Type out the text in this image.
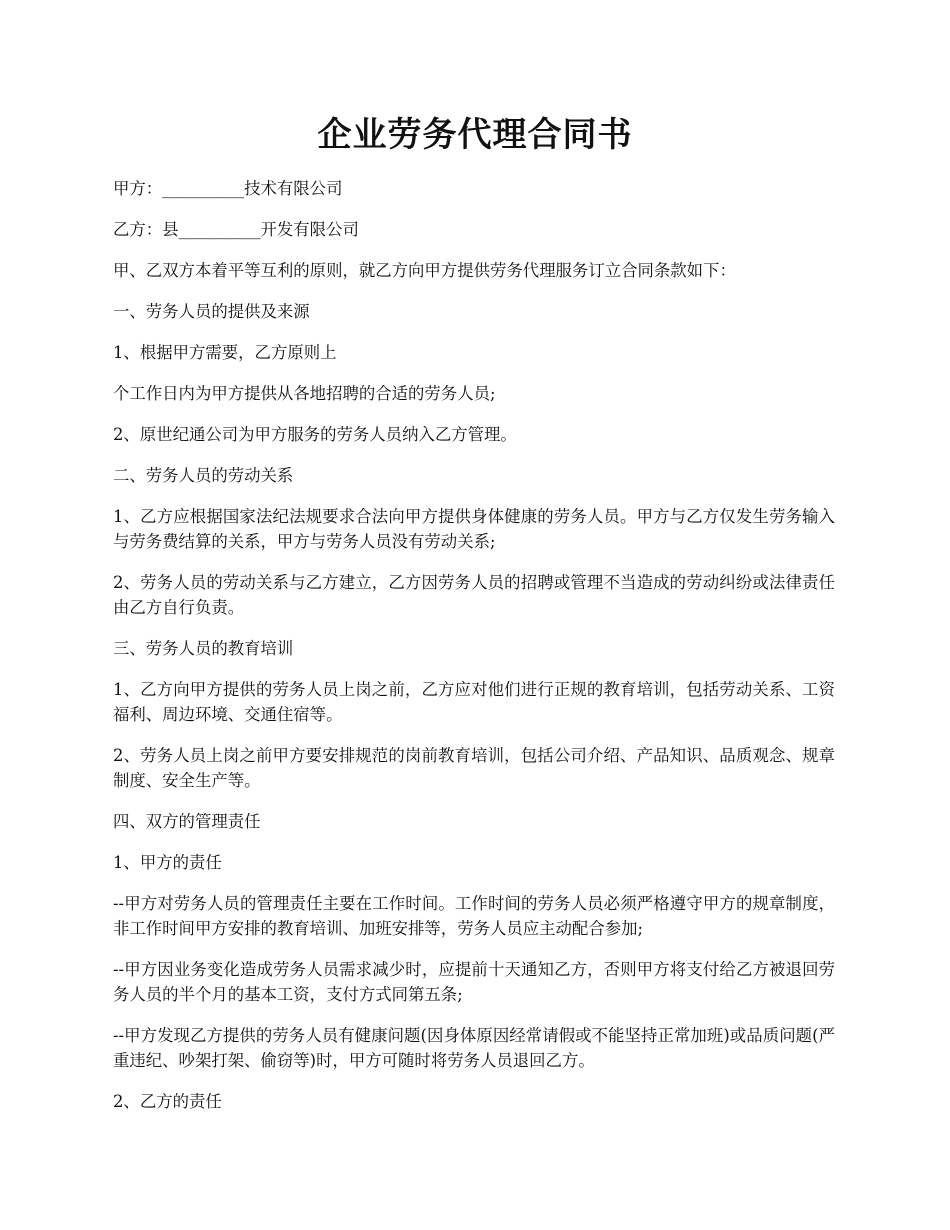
企业劳务代理合同书

甲方：__________技术有限公司

乙方：县__________开发有限公司

甲、乙双方本着平等互利的原则，就乙方向甲方提供劳务代理服务订立合同条款如下：

一、劳务人员的提供及来源

1、根据甲方需要，乙方原则上

个工作日内为甲方提供从各地招聘的合适的劳务人员;

2、原世纪通公司为甲方服务的劳务人员纳入乙方管理。

二、劳务人员的劳动关系

1、乙方应根据国家法纪法规要求合法向甲方提供身体健康的劳务人员。甲方与乙方仅发生劳务输入与劳务费结算的关系，甲方与劳务人员没有劳动关系;

2、劳务人员的劳动关系与乙方建立，乙方因劳务人员的招聘或管理不当造成的劳动纠纷或法律责任由乙方自行负责。

三、劳务人员的教育培训

1、乙方向甲方提供的劳务人员上岗之前，乙方应对他们进行正规的教育培训，包括劳动关系、工资福利、周边环境、交通住宿等。

2、劳务人员上岗之前甲方要安排规范的岗前教育培训，包括公司介绍、产品知识、品质观念、规章制度、安全生产等。

四、双方的管理责任

1、甲方的责任

--甲方对劳务人员的管理责任主要在工作时间。工作时间的劳务人员必须严格遵守甲方的规章制度，非工作时间甲方安排的教育培训、加班安排等，劳务人员应主动配合参加;

--甲方因业务变化造成劳务人员需求减少时，应提前十天通知乙方，否则甲方将支付给乙方被退回劳务人员的半个月的基本工资，支付方式同第五条;

--甲方发现乙方提供的劳务人员有健康问题(因身体原因经常请假或不能坚持正常加班)或品质问题(严重违纪、吵架打架、偷窃等)时，甲方可随时将劳务人员退回乙方。

2、乙方的责任
